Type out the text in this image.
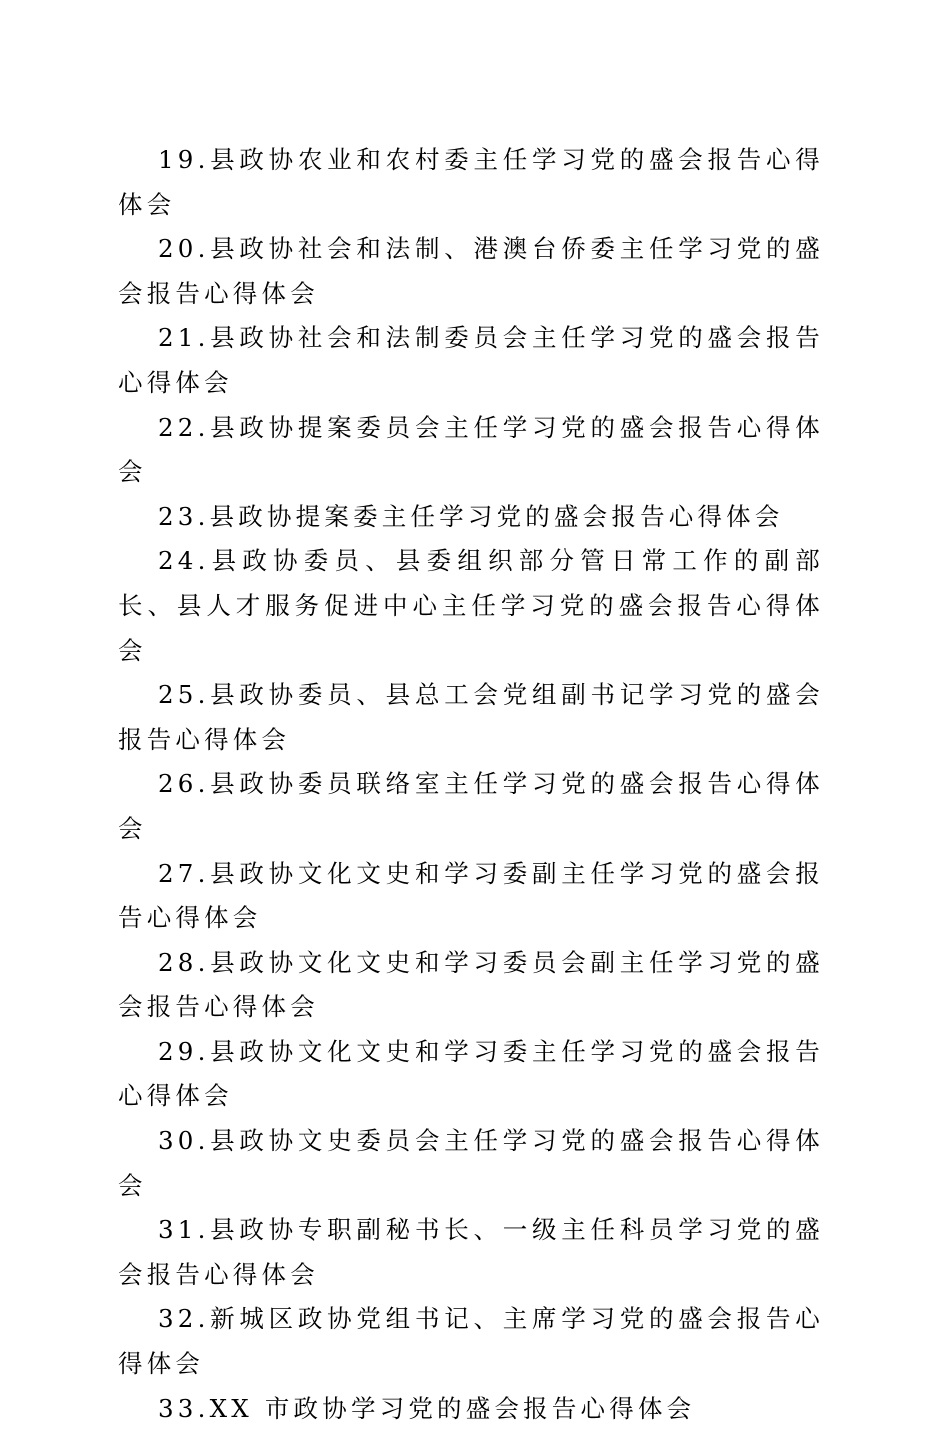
19.县政协农业和农村委主任学习党的盛会报告心得体会

20.县政协社会和法制、港澳台侨委主任学习党的盛会报告心得体会

21.县政协社会和法制委员会主任学习党的盛会报告心得体会

22.县政协提案委员会主任学习党的盛会报告心得体会

23.县政协提案委主任学习党的盛会报告心得体会

24.县政协委员、县委组织部分管日常工作的副部长、县人才服务促进中心主任学习党的盛会报告心得体会

25.县政协委员、县总工会党组副书记学习党的盛会报告心得体会

26.县政协委员联络室主任学习党的盛会报告心得体会

27.县政协文化文史和学习委副主任学习党的盛会报告心得体会

28.县政协文化文史和学习委员会副主任学习党的盛会报告心得体会

29.县政协文化文史和学习委主任学习党的盛会报告心得体会

30.县政协文史委员会主任学习党的盛会报告心得体会

31.县政协专职副秘书长、一级主任科员学习党的盛会报告心得体会

32.新城区政协党组书记、主席学习党的盛会报告心得体会

33.XX 市政协学习党的盛会报告心得体会
